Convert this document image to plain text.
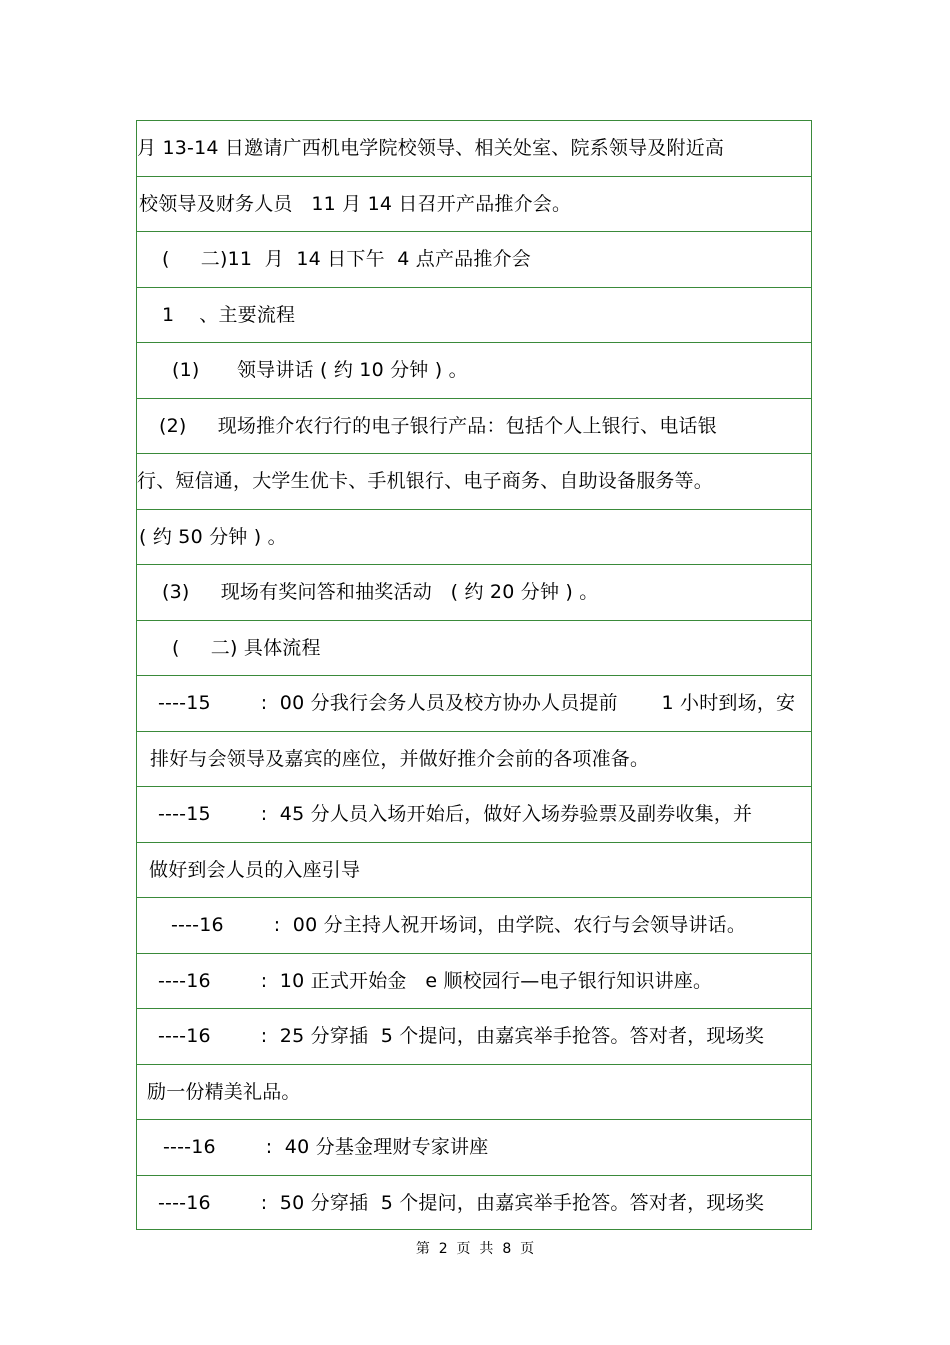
月 13-14 日邀请广西机电学院校领导、相关处室、院系领导及附近高
校领导及财务人员   11 月 14 日召开产品推介会。
(     二)11  月  14 日下午  4 点产品推介会
1    、主要流程
(1)      领导讲话 ( 约 10 分钟 ) 。
(2)     现场推介农行行的电子银行产品：包括个人上银行、电话银
行、短信通，大学生优卡、手机银行、电子商务、自助设备服务等。
( 约 50 分钟 ) 。
(3)     现场有奖问答和抽奖活动   ( 约 20 分钟 ) 。
(     二) 具体流程
----15        :  00 分我行会务人员及校方协办人员提前       1 小时到场，安
排好与会领导及嘉宾的座位，并做好推介会前的各项准备。
----15        :  45 分人员入场开始后，做好入场券验票及副券收集，并
做好到会人员的入座引导
----16        :  00 分主持人祝开场词，由学院、农行与会领导讲话。
----16        :  10 正式开始金   e 顺校园行—电子银行知识讲座。
----16        :  25 分穿插  5 个提问，由嘉宾举手抢答。答对者，现场奖
励一份精美礼品。
----16        :  40 分基金理财专家讲座
----16        :  50 分穿插  5 个提问，由嘉宾举手抢答。答对者，现场奖
第  2  页  共  8  页
